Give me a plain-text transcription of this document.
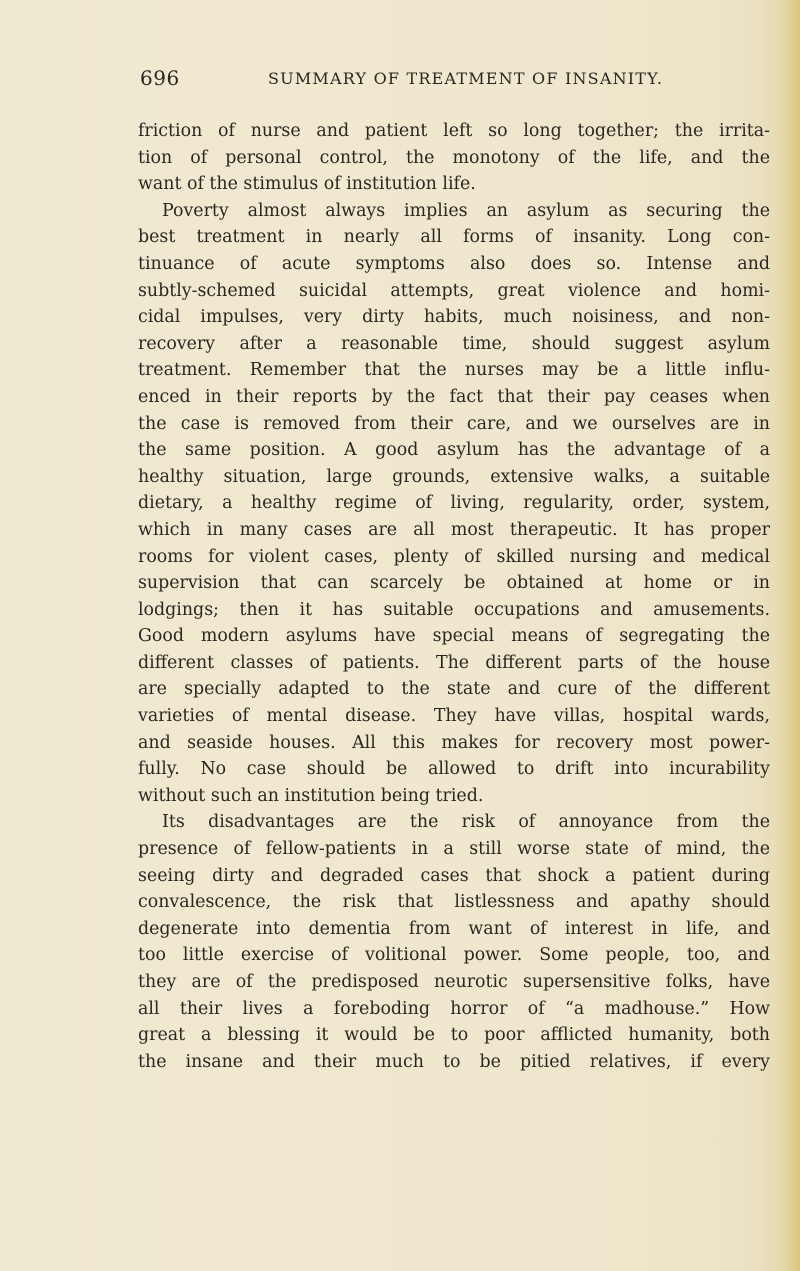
696	SUMMARY OF TREATMENT OF INSANITY.
friction of nurse and patient left so long together; the irrita-
tion of personal control, the monotony of the life, and the
want of the stimulus of institution life.
Poverty almost always implies an asylum as securing the
best treatment in nearly all forms of insanity. Long con-
tinuance of acute symptoms also does so. Intense and
subtly-schemed suicidal attempts, great violence and homi-
cidal impulses, very dirty habits, much noisiness, and non-
recovery after a reasonable time, should suggest asylum
treatment. Remember that the nurses may be a little influ-
enced in their reports by the fact that their pay ceases when
the case is removed from their care, and we ourselves are in
the same position. A good asylum has the advantage of a
healthy situation, large grounds, extensive walks, a suitable
dietary, a healthy regime of living, regularity, order, system,
which in many cases are all most therapeutic. It has proper
rooms for violent cases, plenty of skilled nursing and medical
supervision that can scarcely be obtained at home or in
lodgings; then it has suitable occupations and amusements.
Good modern asylums have special means of segregating the
different classes of patients. The different parts of the house
are specially adapted to the state and cure of the different
varieties of mental disease. They have villas, hospital wards,
and seaside houses. All this makes for recovery most power-
fully. No case should be allowed to drift into incurability
without such an institution being tried.
Its disadvantages are the risk of annoyance from the
presence of fellow-patients in a still worse state of mind, the
seeing dirty and degraded cases that shock a patient during
convalescence, the risk that listlessness and apathy should
degenerate into dementia from want of interest in life, and
too little exercise of volitional power. Some people, too, and
they are of the predisposed neurotic supersensitive folks, have
all their lives a foreboding horror of “a madhouse.” How
great a blessing it would be to poor afflicted humanity, both
the insane and their much to be pitied relatives, if every
